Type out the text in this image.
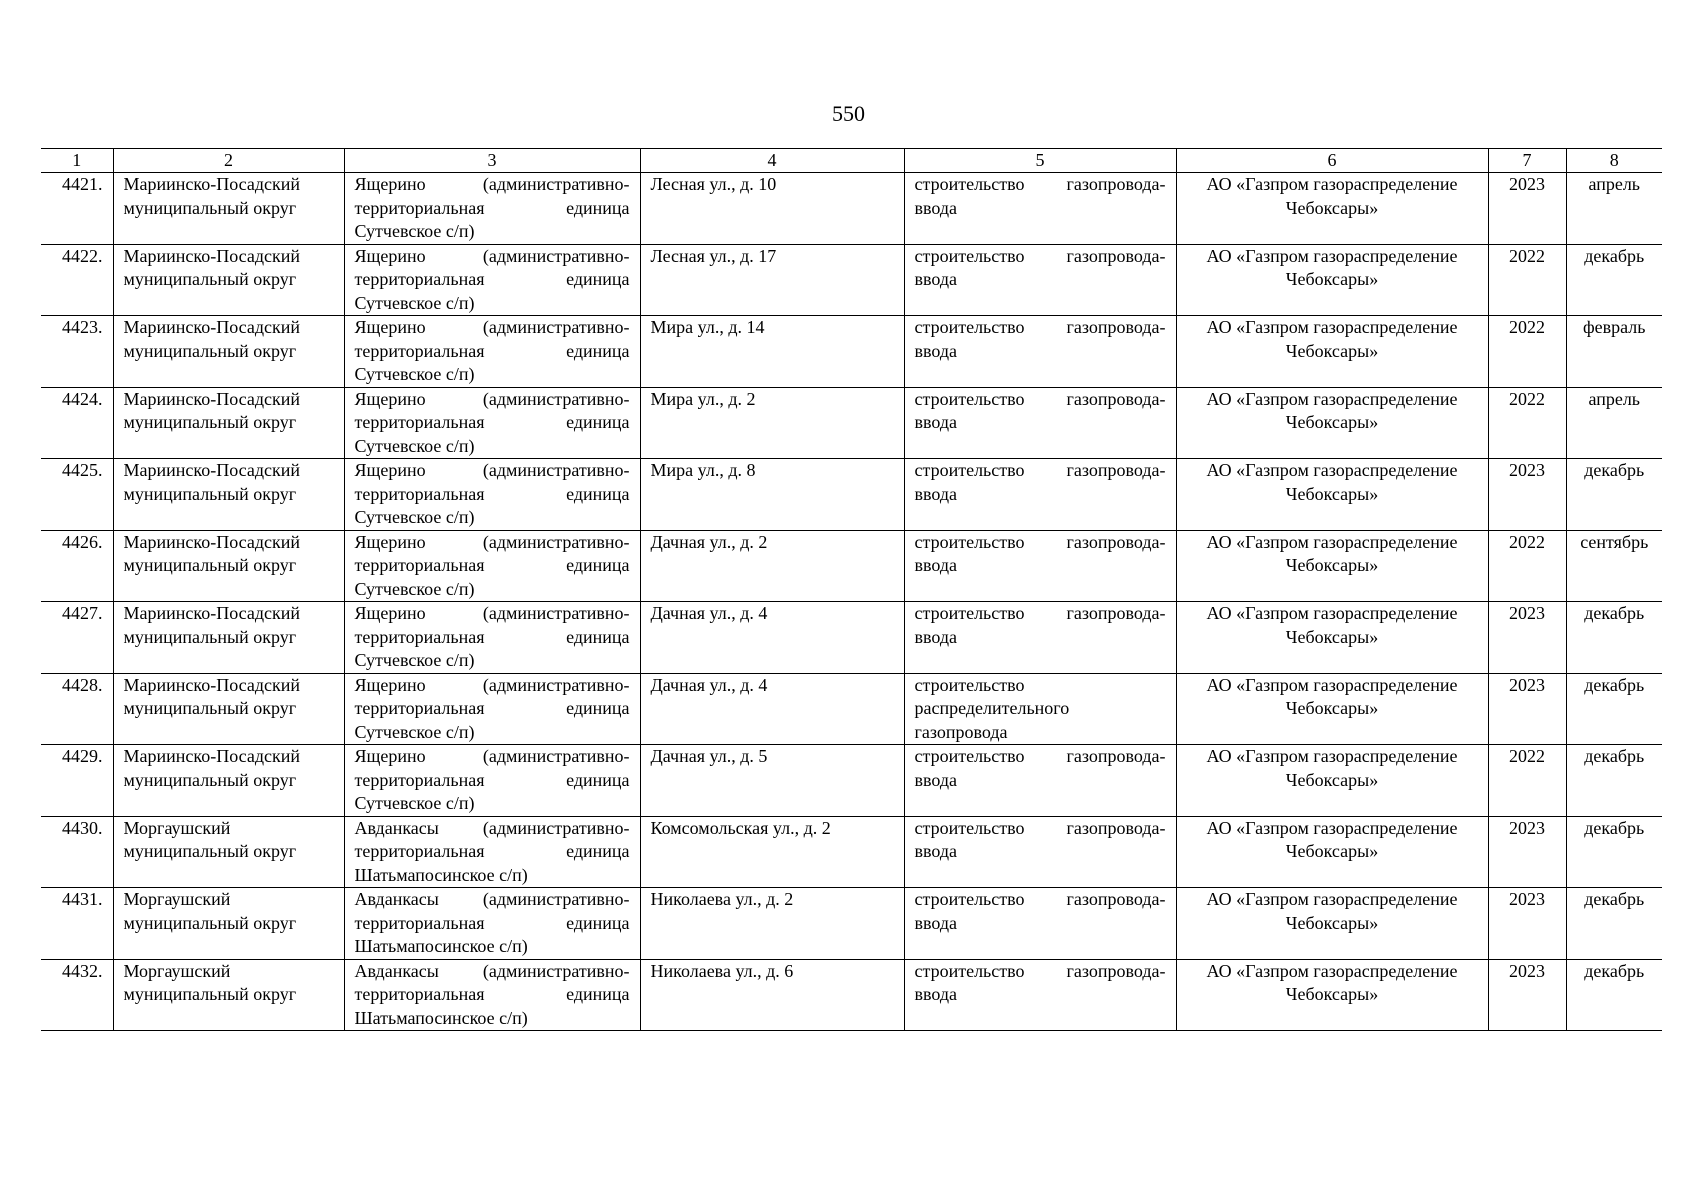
550
1	2	3	4	5	6	7	8
4421.	Мариинско-Посадский муниципальный округ	Ящерино (административно-территориальная единица Сутчевское с/п)	Лесная ул., д. 10	строительство газопровода-ввода	АО «Газпром газораспределение Чебоксары»	2023	апрель
4422.	Мариинско-Посадский муниципальный округ	Ящерино (административно-территориальная единица Сутчевское с/п)	Лесная ул., д. 17	строительство газопровода-ввода	АО «Газпром газораспределение Чебоксары»	2022	декабрь
4423.	Мариинско-Посадский муниципальный округ	Ящерино (административно-территориальная единица Сутчевское с/п)	Мира ул., д. 14	строительство газопровода-ввода	АО «Газпром газораспределение Чебоксары»	2022	февраль
4424.	Мариинско-Посадский муниципальный округ	Ящерино (административно-территориальная единица Сутчевское с/п)	Мира ул., д. 2	строительство газопровода-ввода	АО «Газпром газораспределение Чебоксары»	2022	апрель
4425.	Мариинско-Посадский муниципальный округ	Ящерино (административно-территориальная единица Сутчевское с/п)	Мира ул., д. 8	строительство газопровода-ввода	АО «Газпром газораспределение Чебоксары»	2023	декабрь
4426.	Мариинско-Посадский муниципальный округ	Ящерино (административно-территориальная единица Сутчевское с/п)	Дачная ул., д. 2	строительство газопровода-ввода	АО «Газпром газораспределение Чебоксары»	2022	сентябрь
4427.	Мариинско-Посадский муниципальный округ	Ящерино (административно-территориальная единица Сутчевское с/п)	Дачная ул., д. 4	строительство газопровода-ввода	АО «Газпром газораспределение Чебоксары»	2023	декабрь
4428.	Мариинско-Посадский муниципальный округ	Ящерино (административно-территориальная единица Сутчевское с/п)	Дачная ул., д. 4	строительство распределительного газопровода	АО «Газпром газораспределение Чебоксары»	2023	декабрь
4429.	Мариинско-Посадский муниципальный округ	Ящерино (административно-территориальная единица Сутчевское с/п)	Дачная ул., д. 5	строительство газопровода-ввода	АО «Газпром газораспределение Чебоксары»	2022	декабрь
4430.	Моргаушский муниципальный округ	Авданкасы (административно-территориальная единица Шатьмапосинское с/п)	Комсомольская ул., д. 2	строительство газопровода-ввода	АО «Газпром газораспределение Чебоксары»	2023	декабрь
4431.	Моргаушский муниципальный округ	Авданкасы (административно-территориальная единица Шатьмапосинское с/п)	Николаева ул., д. 2	строительство газопровода-ввода	АО «Газпром газораспределение Чебоксары»	2023	декабрь
4432.	Моргаушский муниципальный округ	Авданкасы (административно-территориальная единица Шатьмапосинское с/п)	Николаева ул., д. 6	строительство газопровода-ввода	АО «Газпром газораспределение Чебоксары»	2023	декабрь
